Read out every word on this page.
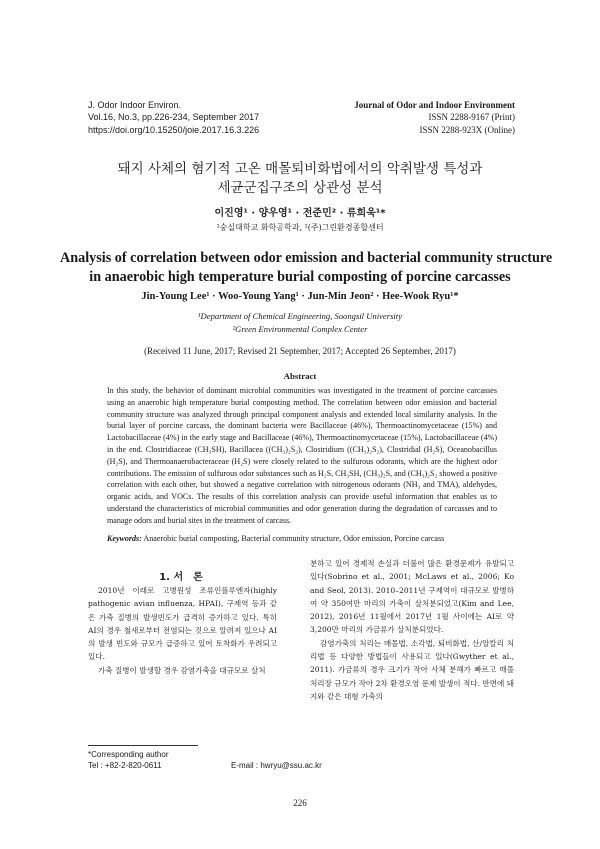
J. Odor Indoor Environ.
Vol.16, No.3, pp.226-234, September 2017
https://doi.org/10.15250/joie.2017.16.3.226
Journal of Odor and Indoor Environment
ISSN 2288-9167 (Print)
ISSN 2288-923X (Online)
돼지 사체의 혐기적 고온 매몰퇴비화법에서의 악취발생 특성과
세균군집구조의 상관성 분석
이진영¹ · 양우영¹ · 전준민² · 류희욱¹*
¹숭실대학교 화학공학과, ²(주)그린환경종합센터
Analysis of correlation between odor emission and bacterial community structure
in anaerobic high temperature burial composting of porcine carcasses
Jin-Young Lee¹ · Woo-Young Yang¹ · Jun-Min Jeon² · Hee-Wook Ryu¹*
¹Department of Chemical Engineering, Soongsil University
²Green Environmental Complex Center
(Received 11 June, 2017; Revised 21 September, 2017; Accepted 26 September, 2017)
Abstract

In this study, the behavior of dominant microbial communities was investigated in the treatment of porcine carcasses using an anaerobic high temperature burial composting method. The correlation between odor emission and bacterial community structure was analyzed through principal component analysis and extended local similarity analysis. In the burial layer of porcine carcass, the dominant bacteria were Bacillaceae (46%), Thermoactinomycetaceae (15%) and Lactobacillaceae (4%) in the early stage and Bacillaceae (46%), Thermoactinomycetaceae (15%), Lactobacillaceae (4%) in the end. Clostridiaceae (CH₃SH), Bacillacea ((CH₃)₂S₂), Clostridium ((CH₃)₂S₂), Clostridial (H₂S), Oceanobacillus (H₂S), and Thermoanaerobacteraceae (H₂S) were closely related to the sulfurous odorants, which are the highest odor contributions. The emission of sulfurous odor substances such as H₂S, CH₃SH, (CH₃)₂S, and (CH₃)₂S₂ showed a positive correlation with each other, but showed a negative correlation with nitrogenous odorants (NH₃ and TMA), aldehydes, organic acids, and VOCs. The results of this correlation analysis can provide useful information that enables us to understand the characteristics of microbial communities and odor generation during the degradation of carcasses and to manage odors and burial sites in the treatment of carcass.

Keywords: Anaerobic burial composting, Bacterial community structure, Odor emission, Porcine carcass
1. 서　론

2010년 이래로 고병원성 조류인플루엔자(highly pathogenic avian influenza, HPAI), 구제역 등과 같은 가축 질병의 발생빈도가 급격히 증가하고 있다. 특히 AI의 경우 철새로부터 전염되는 것으로 알려져 있으나 AI의 발생 빈도와 규모가 급증하고 있어 토착화가 우려되고 있다.

가축 질병이 발생할 경우 감염가축을 대규모로 살처

분하고 있어 경제적 손실과 더불어 많은 환경문제가 유발되고 있다(Sobrino et al., 2001; McLaws et al., 2006; Ko and Seol, 2013). 2010–2011년 구제역이 대규모로 발병하여 약 350여만 마리의 가축이 살처분되었고(Kim and Lee, 2012), 2016년 11월에서 2017년 1월 사이에는 AI로 약 3,200만 마리의 가금류가 살처분되었다.

감염가축의 처리는 매몰법, 소각법, 퇴비화법, 산/알칼리 처리법 등 다양한 방법들이 사용되고 있다(Gwyther et al., 2011). 가금류의 경우 크기가 작아 사체 분해가 빠르고 매몰처리장 규모가 작아 2차 환경오염 문제 발생이 적다. 반면에 돼지와 같은 대형 가축의

*Corresponding author
Tel : +82-2-820-0611	E-mail : hwryu@ssu.ac.kr
226
